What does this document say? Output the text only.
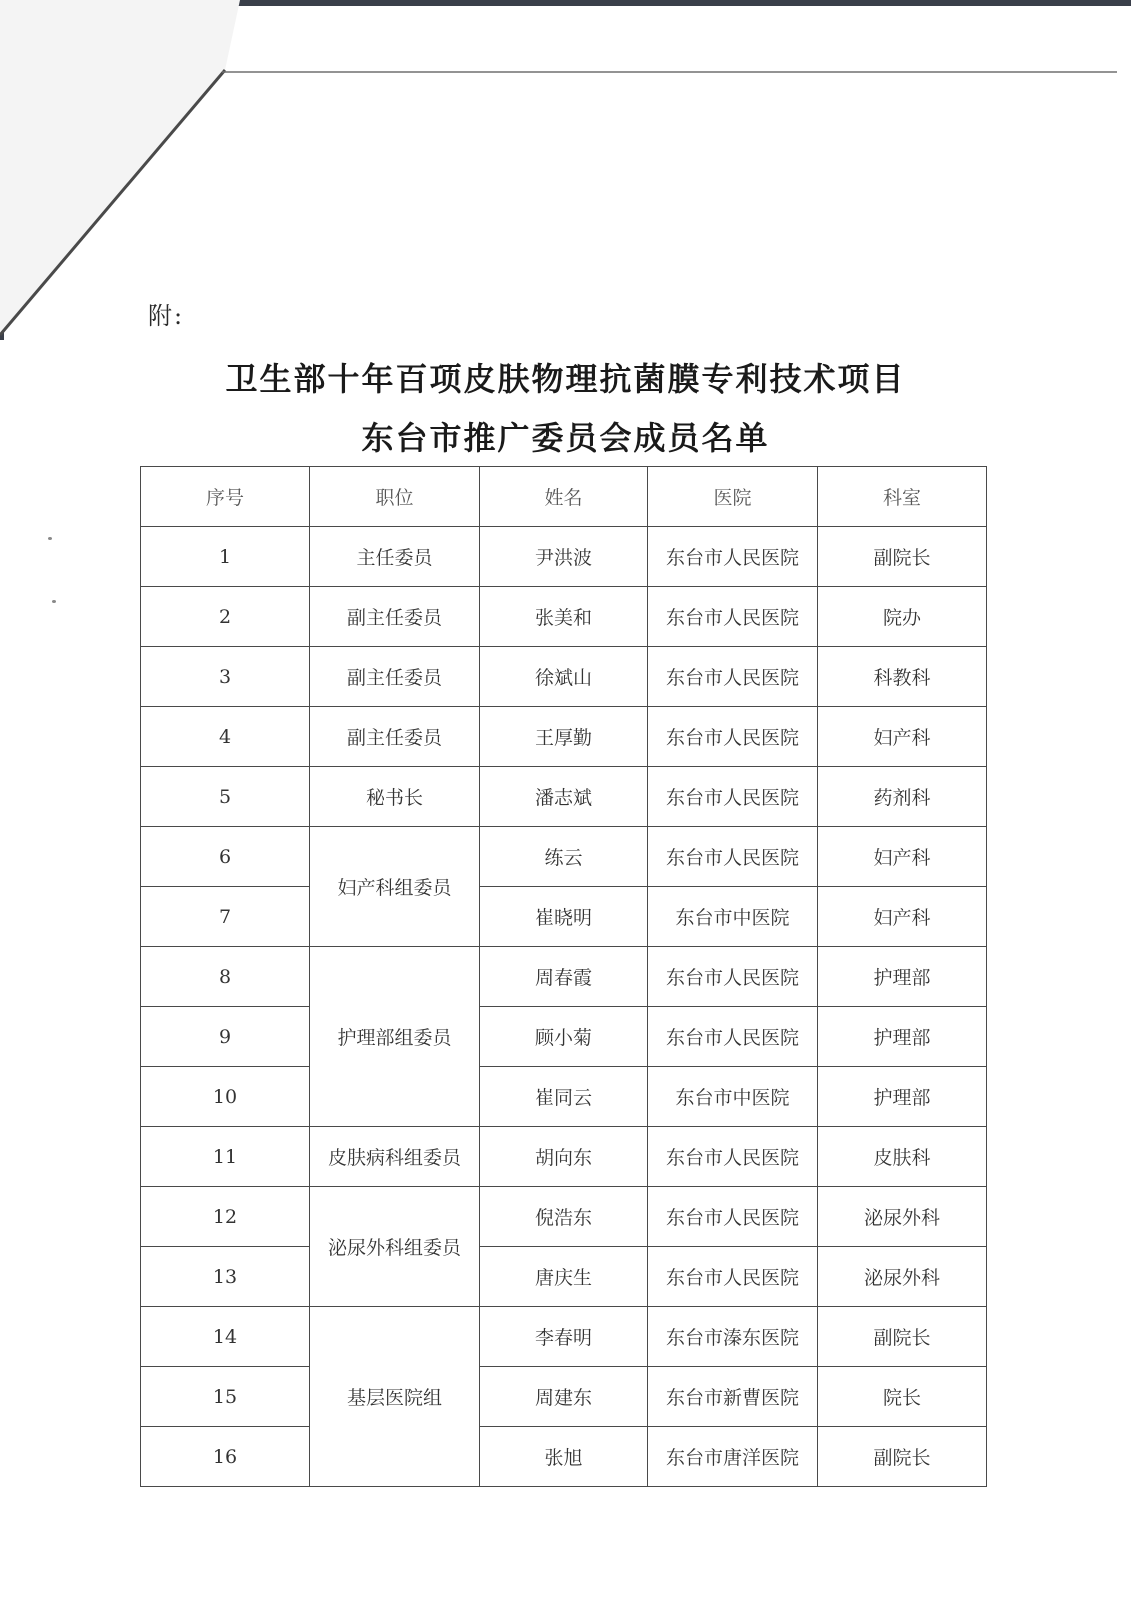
附:
卫生部十年百项皮肤物理抗菌膜专利技术项目
东台市推广委员会成员名单
序号	职位	姓名	医院	科室
1	主任委员	尹洪波	东台市人民医院	副院长
2	副主任委员	张美和	东台市人民医院	院办
3	副主任委员	徐斌山	东台市人民医院	科教科
4	副主任委员	王厚勤	东台市人民医院	妇产科
5	秘书长	潘志斌	东台市人民医院	药剂科
6	妇产科组委员	练云	东台市人民医院	妇产科
7		崔晓明	东台市中医院	妇产科
8	护理部组委员	周春霞	东台市人民医院	护理部
9		顾小菊	东台市人民医院	护理部
10		崔同云	东台市中医院	护理部
11	皮肤病科组委员	胡向东	东台市人民医院	皮肤科
12	泌尿外科组委员	倪浩东	东台市人民医院	泌尿外科
13		唐庆生	东台市人民医院	泌尿外科
14	基层医院组	李春明	东台市溱东医院	副院长
15		周建东	东台市新曹医院	院长
16		张旭	东台市唐洋医院	副院长
